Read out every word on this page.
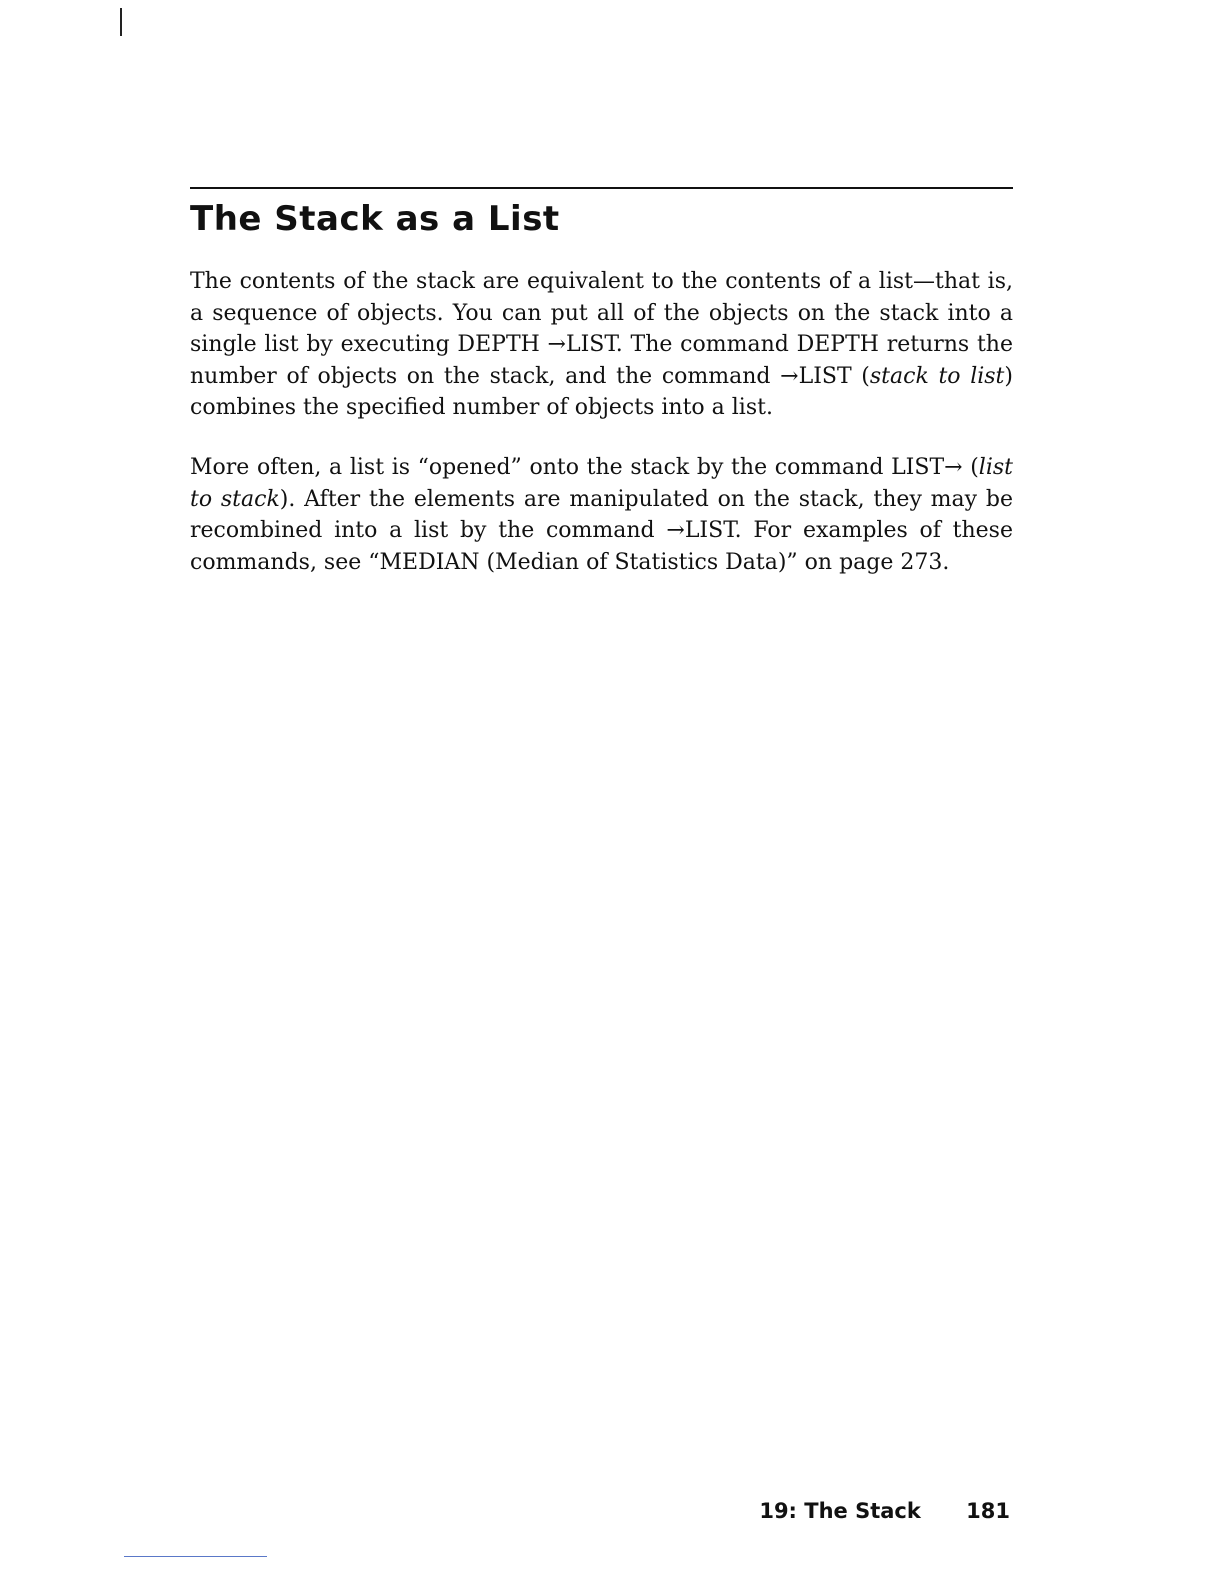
The Stack as a List

The contents of the stack are equivalent to the contents of a list—that is, a sequence of objects. You can put all of the objects on the stack into a single list by executing DEPTH →LIST. The command DEPTH returns the number of objects on the stack, and the command →LIST (stack to list) combines the specified number of objects into a list.

More often, a list is “opened” onto the stack by the command LIST→ (list to stack). After the elements are manipulated on the stack, they may be recombined into a list by the command →LIST. For examples of these commands, see “MEDIAN (Median of Statistics Data)” on page 273.

19: The Stack 181
